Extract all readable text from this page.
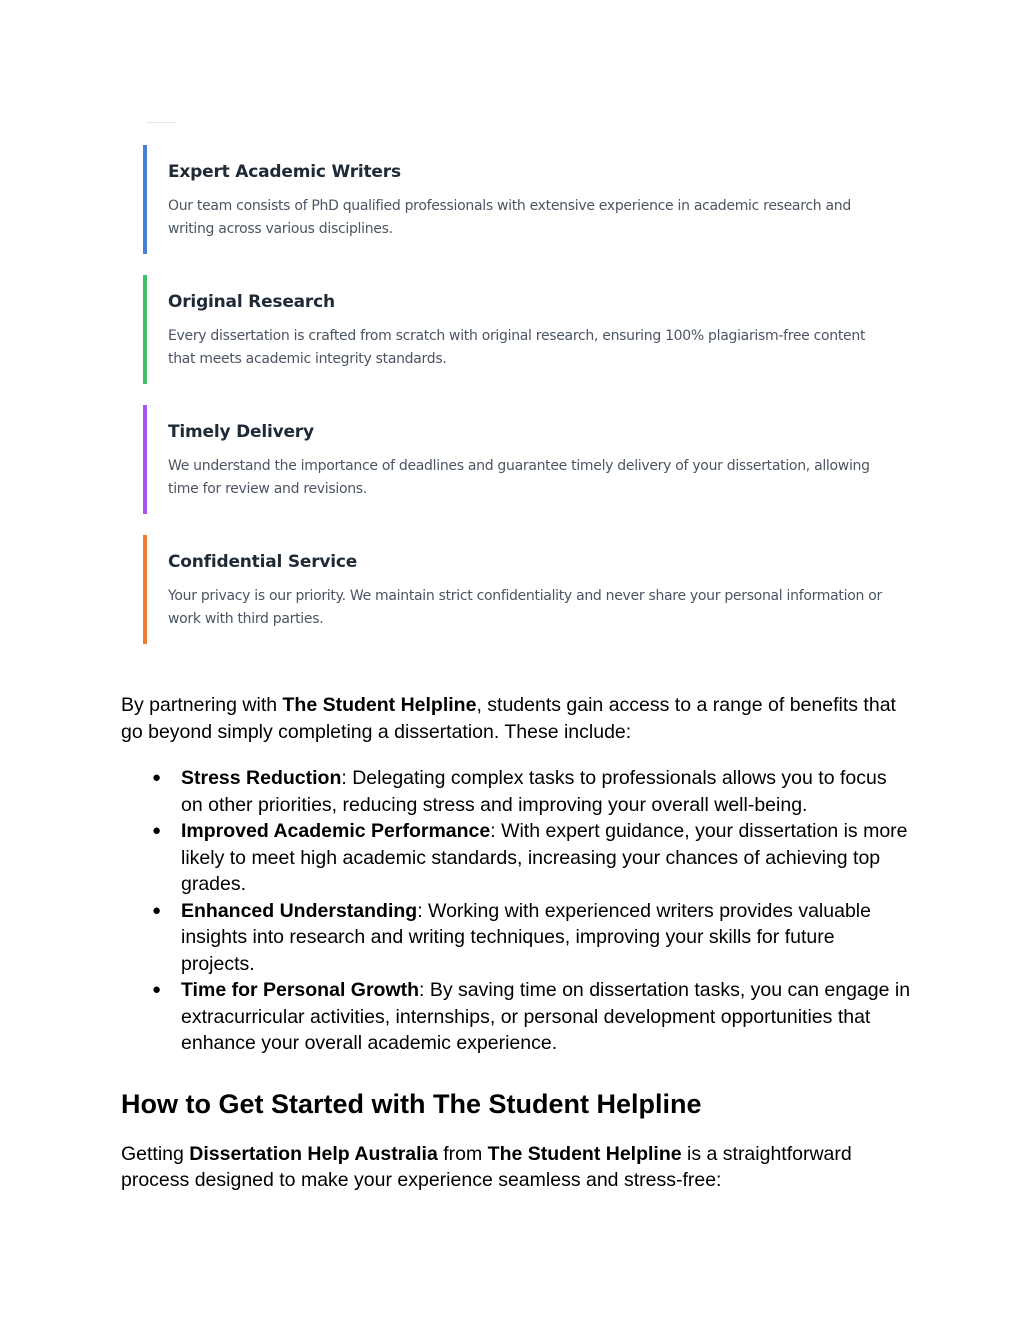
Expert Academic Writers
Our team consists of PhD qualified professionals with extensive experience in academic research and writing across various disciplines.
Original Research
Every dissertation is crafted from scratch with original research, ensuring 100% plagiarism-free content that meets academic integrity standards.
Timely Delivery
We understand the importance of deadlines and guarantee timely delivery of your dissertation, allowing time for review and revisions.
Confidential Service
Your privacy is our priority. We maintain strict confidentiality and never share your personal information or work with third parties.

By partnering with The Student Helpline, students gain access to a range of benefits that go beyond simply completing a dissertation. These include:

● Stress Reduction: Delegating complex tasks to professionals allows you to focus on other priorities, reducing stress and improving your overall well-being.
● Improved Academic Performance: With expert guidance, your dissertation is more likely to meet high academic standards, increasing your chances of achieving top grades.
● Enhanced Understanding: Working with experienced writers provides valuable insights into research and writing techniques, improving your skills for future projects.
● Time for Personal Growth: By saving time on dissertation tasks, you can engage in extracurricular activities, internships, or personal development opportunities that enhance your overall academic experience.
How to Get Started with The Student Helpline

Getting Dissertation Help Australia from The Student Helpline is a straightforward process designed to make your experience seamless and stress-free:
